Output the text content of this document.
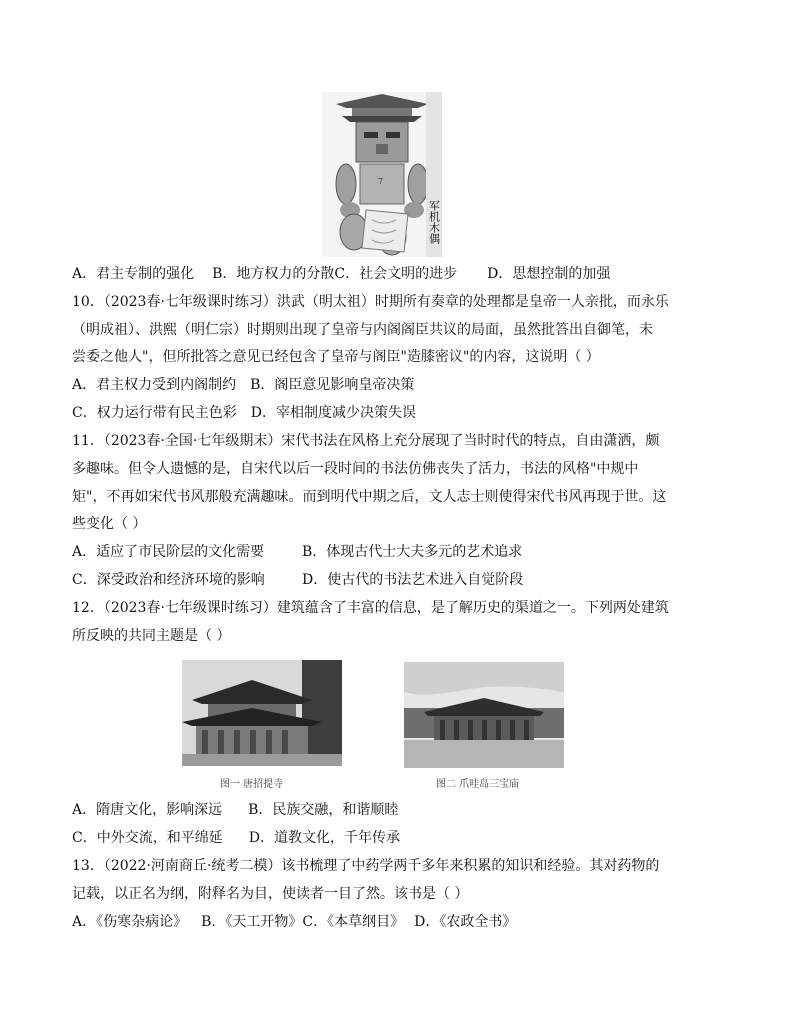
7
军机木偶
A．君主专制的强化 B．地方权力的分散C．社会文明的进步 D．思想控制的加强
10．（2023春·七年级课时练习）洪武（明太祖）时期所有奏章的处理都是皇帝一人亲批，而永乐
（明成祖）、洪熙（明仁宗）时期则出现了皇帝与内阁阁臣共议的局面，虽然批答出自御笔，未
尝委之他人"，但所批答之意见已经包含了皇帝与阁臣"造膝密议"的内容，这说明（ ）
A．君主权力受到内阁制约 B．阁臣意见影响皇帝决策
C．权力运行带有民主色彩 D．宰相制度减少决策失误
11．（2023春·全国·七年级期末）宋代书法在风格上充分展现了当时时代的特点，自由潇洒，颇
多趣味。但令人遗憾的是，自宋代以后一段时间的书法仿佛丧失了活力，书法的风格"中规中
矩"，不再如宋代书风那般充满趣味。而到明代中期之后，文人志士则使得宋代书风再现于世。这
些变化（ ）
A．适应了市民阶层的文化需要	B．体现古代士大夫多元的艺术追求
C．深受政治和经济环境的影响	D．使古代的书法艺术进入自觉阶段
12．（2023春·七年级课时练习）建筑蕴含了丰富的信息，是了解历史的渠道之一。下列两处建筑
所反映的共同主题是（ ）
图一 唐招提寺	图二 爪哇岛三宝庙
A．隋唐文化，影响深远 B．民族交融，和谐顺睦
C．中外交流，和平绵延 D．道教文化，千年传承
13．（2022·河南商丘·统考二模）该书梳理了中药学两千多年来积累的知识和经验。其对药物的
记载，以正名为纲，附释名为目，使读者一目了然。该书是（ ）
A．《伤寒杂病论》 B．《天工开物》C．《本草纲目》 D．《农政全书》
